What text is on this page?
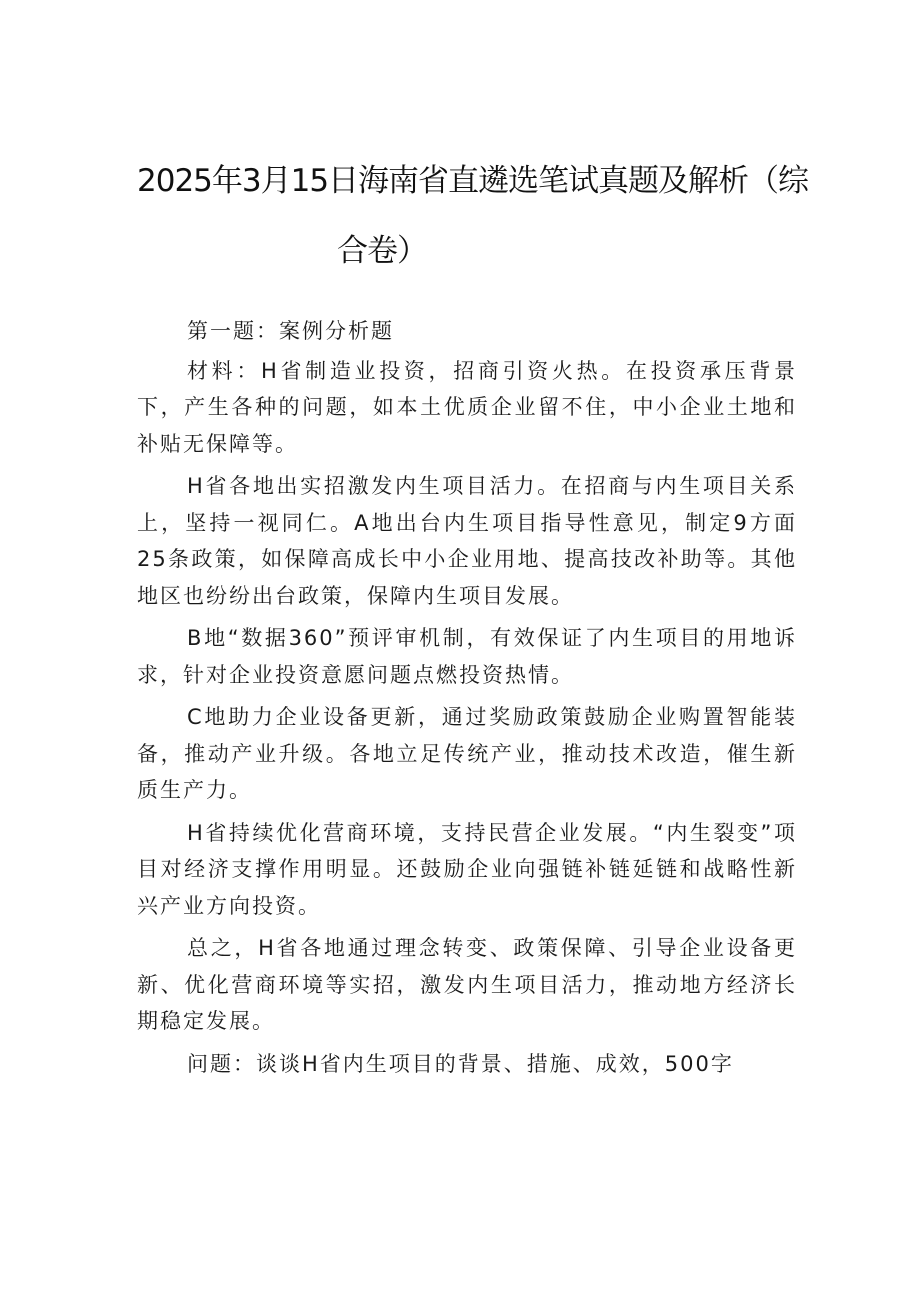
2025年3月15日海南省直遴选笔试真题及解析（综
合卷）

第一题：案例分析题

材料：H省制造业投资，招商引资火热。在投资承压背景下，产生各种的问题，如本土优质企业留不住，中小企业土地和补贴无保障等。

H省各地出实招激发内生项目活力。在招商与内生项目关系上，坚持一视同仁。A地出台内生项目指导性意见，制定9方面25条政策，如保障高成长中小企业用地、提高技改补助等。其他地区也纷纷出台政策，保障内生项目发展。

B地“数据360”预评审机制，有效保证了内生项目的用地诉求，针对企业投资意愿问题点燃投资热情。

C地助力企业设备更新，通过奖励政策鼓励企业购置智能装备，推动产业升级。各地立足传统产业，推动技术改造，催生新质生产力。

H省持续优化营商环境，支持民营企业发展。“内生裂变”项目对经济支撑作用明显。还鼓励企业向强链补链延链和战略性新兴产业方向投资。

总之，H省各地通过理念转变、政策保障、引导企业设备更新、优化营商环境等实招，激发内生项目活力，推动地方经济长期稳定发展。

问题：谈谈H省内生项目的背景、措施、成效，500字
